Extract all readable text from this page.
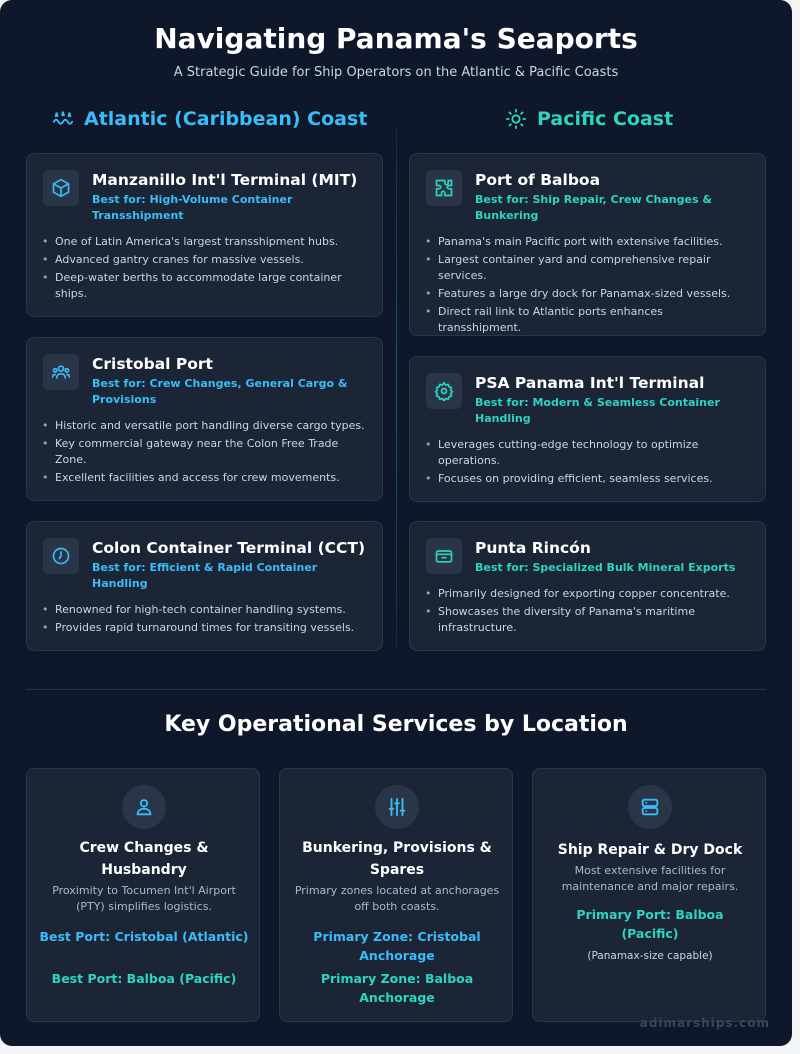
Navigating Panama's Seaports
A Strategic Guide for Ship Operators on the Atlantic & Pacific Coasts
Atlantic (Caribbean) Coast	Pacific Coast
Manzanillo Int'l Terminal (MIT)
Best for: High-Volume Container Transshipment
• One of Latin America's largest transshipment hubs.
• Advanced gantry cranes for massive vessels.
• Deep-water berths to accommodate large container ships.
Cristobal Port
Best for: Crew Changes, General Cargo & Provisions
• Historic and versatile port handling diverse cargo types.
• Key commercial gateway near the Colon Free Trade Zone.
• Excellent facilities and access for crew movements.
Colon Container Terminal (CCT)
Best for: Efficient & Rapid Container Handling
• Renowned for high-tech container handling systems.
• Provides rapid turnaround times for transiting vessels.
Port of Balboa
Best for: Ship Repair, Crew Changes & Bunkering
• Panama's main Pacific port with extensive facilities.
• Largest container yard and comprehensive repair services.
• Features a large dry dock for Panamax-sized vessels.
• Direct rail link to Atlantic ports enhances transshipment.
PSA Panama Int'l Terminal
Best for: Modern & Seamless Container Handling
• Leverages cutting-edge technology to optimize operations.
• Focuses on providing efficient, seamless services.
Punta Rincón
Best for: Specialized Bulk Mineral Exports
• Primarily designed for exporting copper concentrate.
• Showcases the diversity of Panama's maritime infrastructure.
Key Operational Services by Location
Crew Changes & Husbandry
Proximity to Tocumen Int'l Airport (PTY) simplifies logistics.
Best Port: Cristobal (Atlantic)
Best Port: Balboa (Pacific)
Bunkering, Provisions & Spares
Primary zones located at anchorages off both coasts.
Primary Zone: Cristobal Anchorage
Primary Zone: Balboa Anchorage
Ship Repair & Dry Dock
Most extensive facilities for maintenance and major repairs.
Primary Port: Balboa (Pacific)
(Panamax-size capable)
adimarships.com
